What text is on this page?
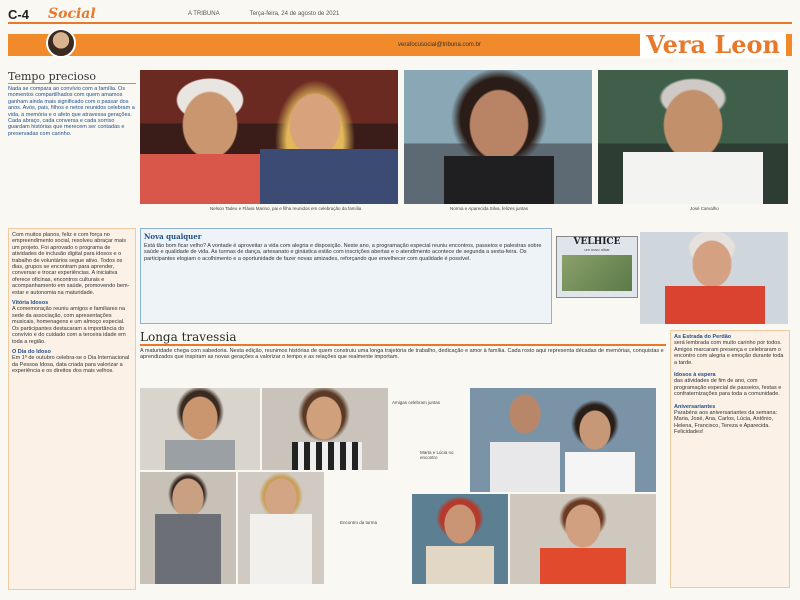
C-4	Social	A TRIBUNA	Terça-feira, 24 de agosto de 2021
verafocusocial@tribuna.com.br	Vera Leon
Tempo precioso
Nada se compara ao convívio com a família. Os momentos compartilhados com quem amamos ganham ainda mais significado com o passar dos anos. Avós, pais, filhos e netos reunidos celebram a vida, a memória e o afeto que atravessa gerações. Cada abraço, cada conversa e cada sorriso guardam histórias que merecem ser contadas e preservadas com carinho.
Nelson Tadeu e Flávia Marino, pai e filha reunidos em celebração da família	Norma e Aparecida Silva, felizes juntas	José Carvalho
Com muitos planos, feliz e com força no empreendimento social, resolveu abraçar mais um projeto. Foi aprovado o programa de atividades de inclusão digital para idosos e o trabalho de voluntários segue ativo. Todos os dias, grupos se encontram para aprender, conversar e trocar experiências. A iniciativa oferece oficinas, encontros culturais e acompanhamento em saúde, promovendo bem-estar e autonomia na maturidade.
Vitória Idosos
A comemoração reuniu amigos e familiares na sede da associação, com apresentações musicais, homenagens e um almoço especial. Os participantes destacaram a importância do convívio e do cuidado com a terceira idade em toda a região.
O Dia do Idoso
Em 1º de outubro celebra-se o Dia Internacional da Pessoa Idosa, data criada para valorizar a experiência e os direitos dos mais velhos.
Nova qualquer
Está tão bom ficar velho? A vontade é aproveitar a vida com alegria e disposição. Neste ano, a programação especial reuniu encontros, passeios e palestras sobre saúde e qualidade de vida. As turmas de dança, artesanato e ginástica estão com inscrições abertas e o atendimento acontece de segunda a sexta-feira. Os participantes elogiam o acolhimento e a oportunidade de fazer novas amizades, reforçando que envelhecer com qualidade é possível.
VELHICE
um novo olhar
Longa travessia
A maturidade chega com sabedoria. Nesta edição, reunimos histórias de quem construiu uma longa trajetória de trabalho, dedicação e amor à família. Cada rosto aqui representa décadas de memórias, conquistas e aprendizados que inspiram as novas gerações a valorizar o tempo e as relações que realmente importam.
Amigas celebram juntas
Marta e Lúcia no encontro
Encontro da turma
As Estrada do Perdão
será lembrada com muito carinho por todos. Amigos marcaram presença e celebraram o encontro com alegria e emoção durante toda a tarde.
Idosos à espera
das atividades de fim de ano, com programação especial de passeios, festas e confraternizações para toda a comunidade.
Aniversariantes
Parabéns aos aniversariantes da semana: Maria, José, Ana, Carlos, Lúcia, Antônio, Helena, Francisco, Tereza e Aparecida. Felicidades!
